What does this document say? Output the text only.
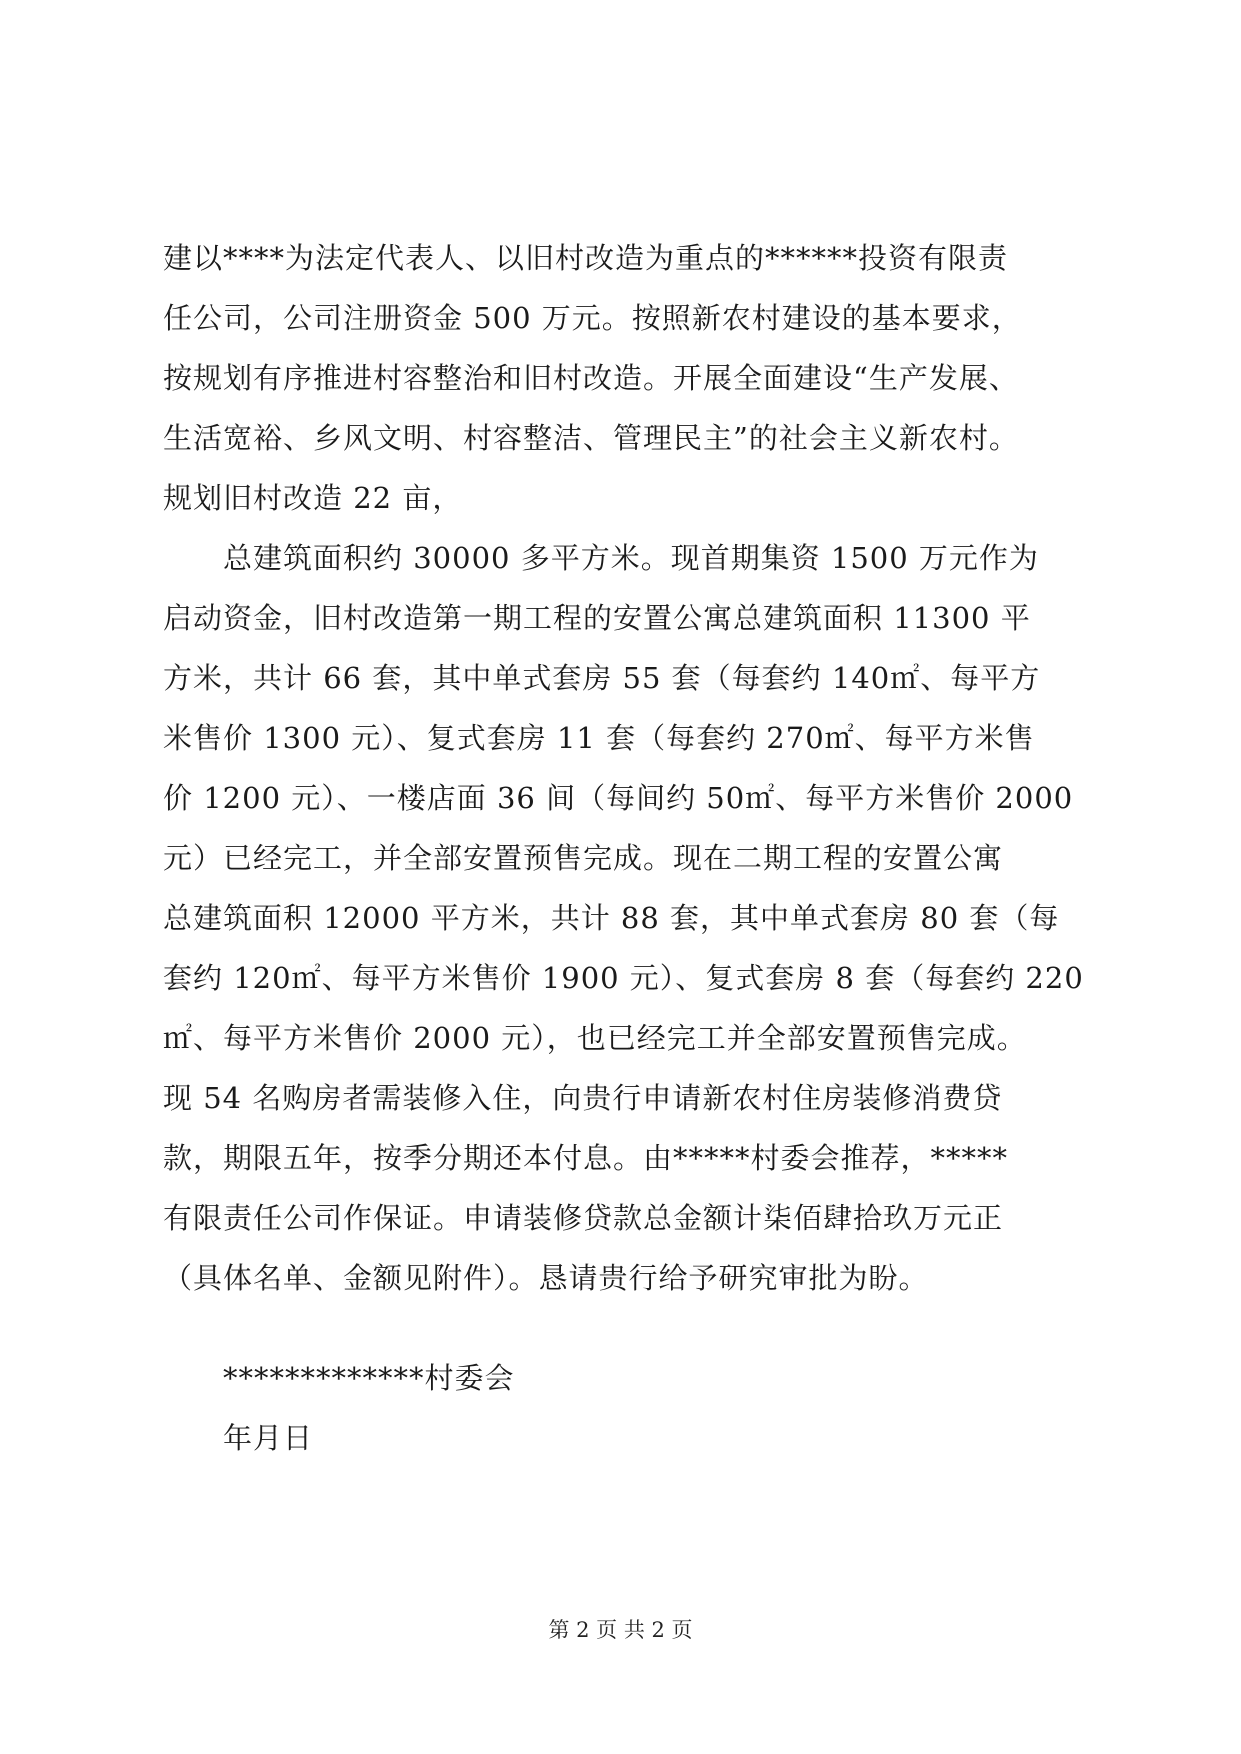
建以****为法定代表人、以旧村改造为重点的******投资有限责
任公司，公司注册资金 500 万元。按照新农村建设的基本要求，
按规划有序推进村容整治和旧村改造。开展全面建设“生产发展、
生活宽裕、乡风文明、村容整洁、管理民主”的社会主义新农村。
规划旧村改造 22 亩，

总建筑面积约 30000 多平方米。现首期集资 1500 万元作为
启动资金，旧村改造第一期工程的安置公寓总建筑面积 11300 平
方米，共计 66 套，其中单式套房 55 套（每套约 140㎡、每平方
米售价 1300 元）、复式套房 11 套（每套约 270㎡、每平方米售
价 1200 元）、一楼店面 36 间（每间约 50㎡、每平方米售价 2000
元）已经完工，并全部安置预售完成。现在二期工程的安置公寓
总建筑面积 12000 平方米，共计 88 套，其中单式套房 80 套（每
套约 120㎡、每平方米售价 1900 元）、复式套房 8 套（每套约 220
㎡、每平方米售价 2000 元），也已经完工并全部安置预售完成。
现 54 名购房者需装修入住，向贵行申请新农村住房装修消费贷
款，期限五年，按季分期还本付息。由*****村委会推荐，*****
有限责任公司作保证。申请装修贷款总金额计柒佰肆拾玖万元正
（具体名单、金额见附件）。恳请贵行给予研究审批为盼。

*************村委会
年月日
第 2 页 共 2 页
